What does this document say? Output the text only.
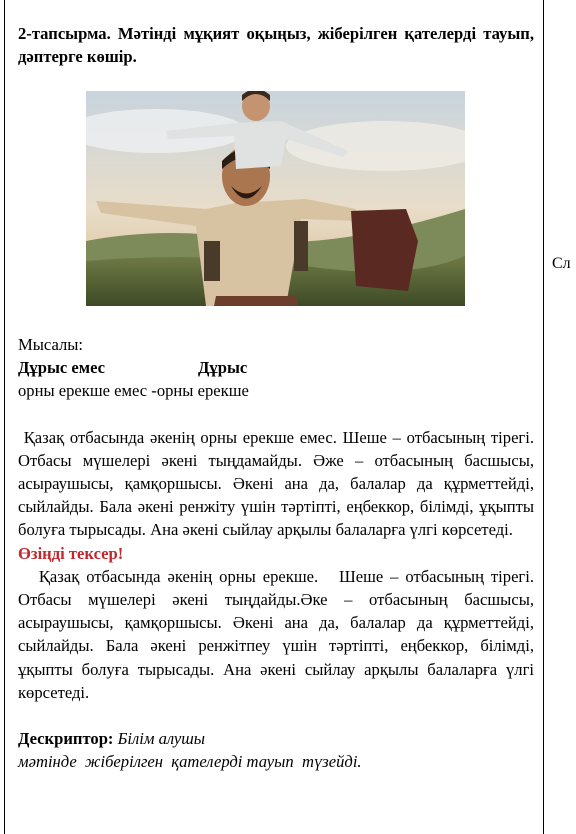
Сл

2-тапсырма. Мәтінді мұқият оқыңыз, жіберілген қателерді тауып, дәптерге көшір.

Мысалы:

Дұрыс емес	Дұрыс

орны ерекше емес -орны ерекше

Қазақ отбасында әкенің орны ерекше емес. Шеше – отбасының тірегі. Отбасы мүшелері әкені тыңдамайды. Әже – отбасының басшысы, асыраушысы, қамқоршысы. Әкені ана да, балалар да құрметтейді, сыйлайды. Бала әкені ренжіту үшін тәртіпті, еңбеккор, білімді, ұқыпты болуға тырысады. Ана әкені сыйлау арқылы балаларға үлгі көрсетеді.

Өзіңді тексер!

Қазақ отбасында әкенің орны ерекше.   Шеше – отбасының тірегі. Отбасы мүшелері әкені тыңдайды.Әке – отбасының басшысы, асыраушысы, қамқоршысы. Әкені ана да, балалар да құрметтейді, сыйлайды. Бала әкені ренжітпеу үшін тәртіпті, еңбеккор, білімді, ұқыпты болуға тырысады. Ана әкені сыйлау арқылы балаларға үлгі көрсетеді.

Дескриптор: Білім алушы

мәтінде  жіберілген  қателерді тауып  түзейді.
